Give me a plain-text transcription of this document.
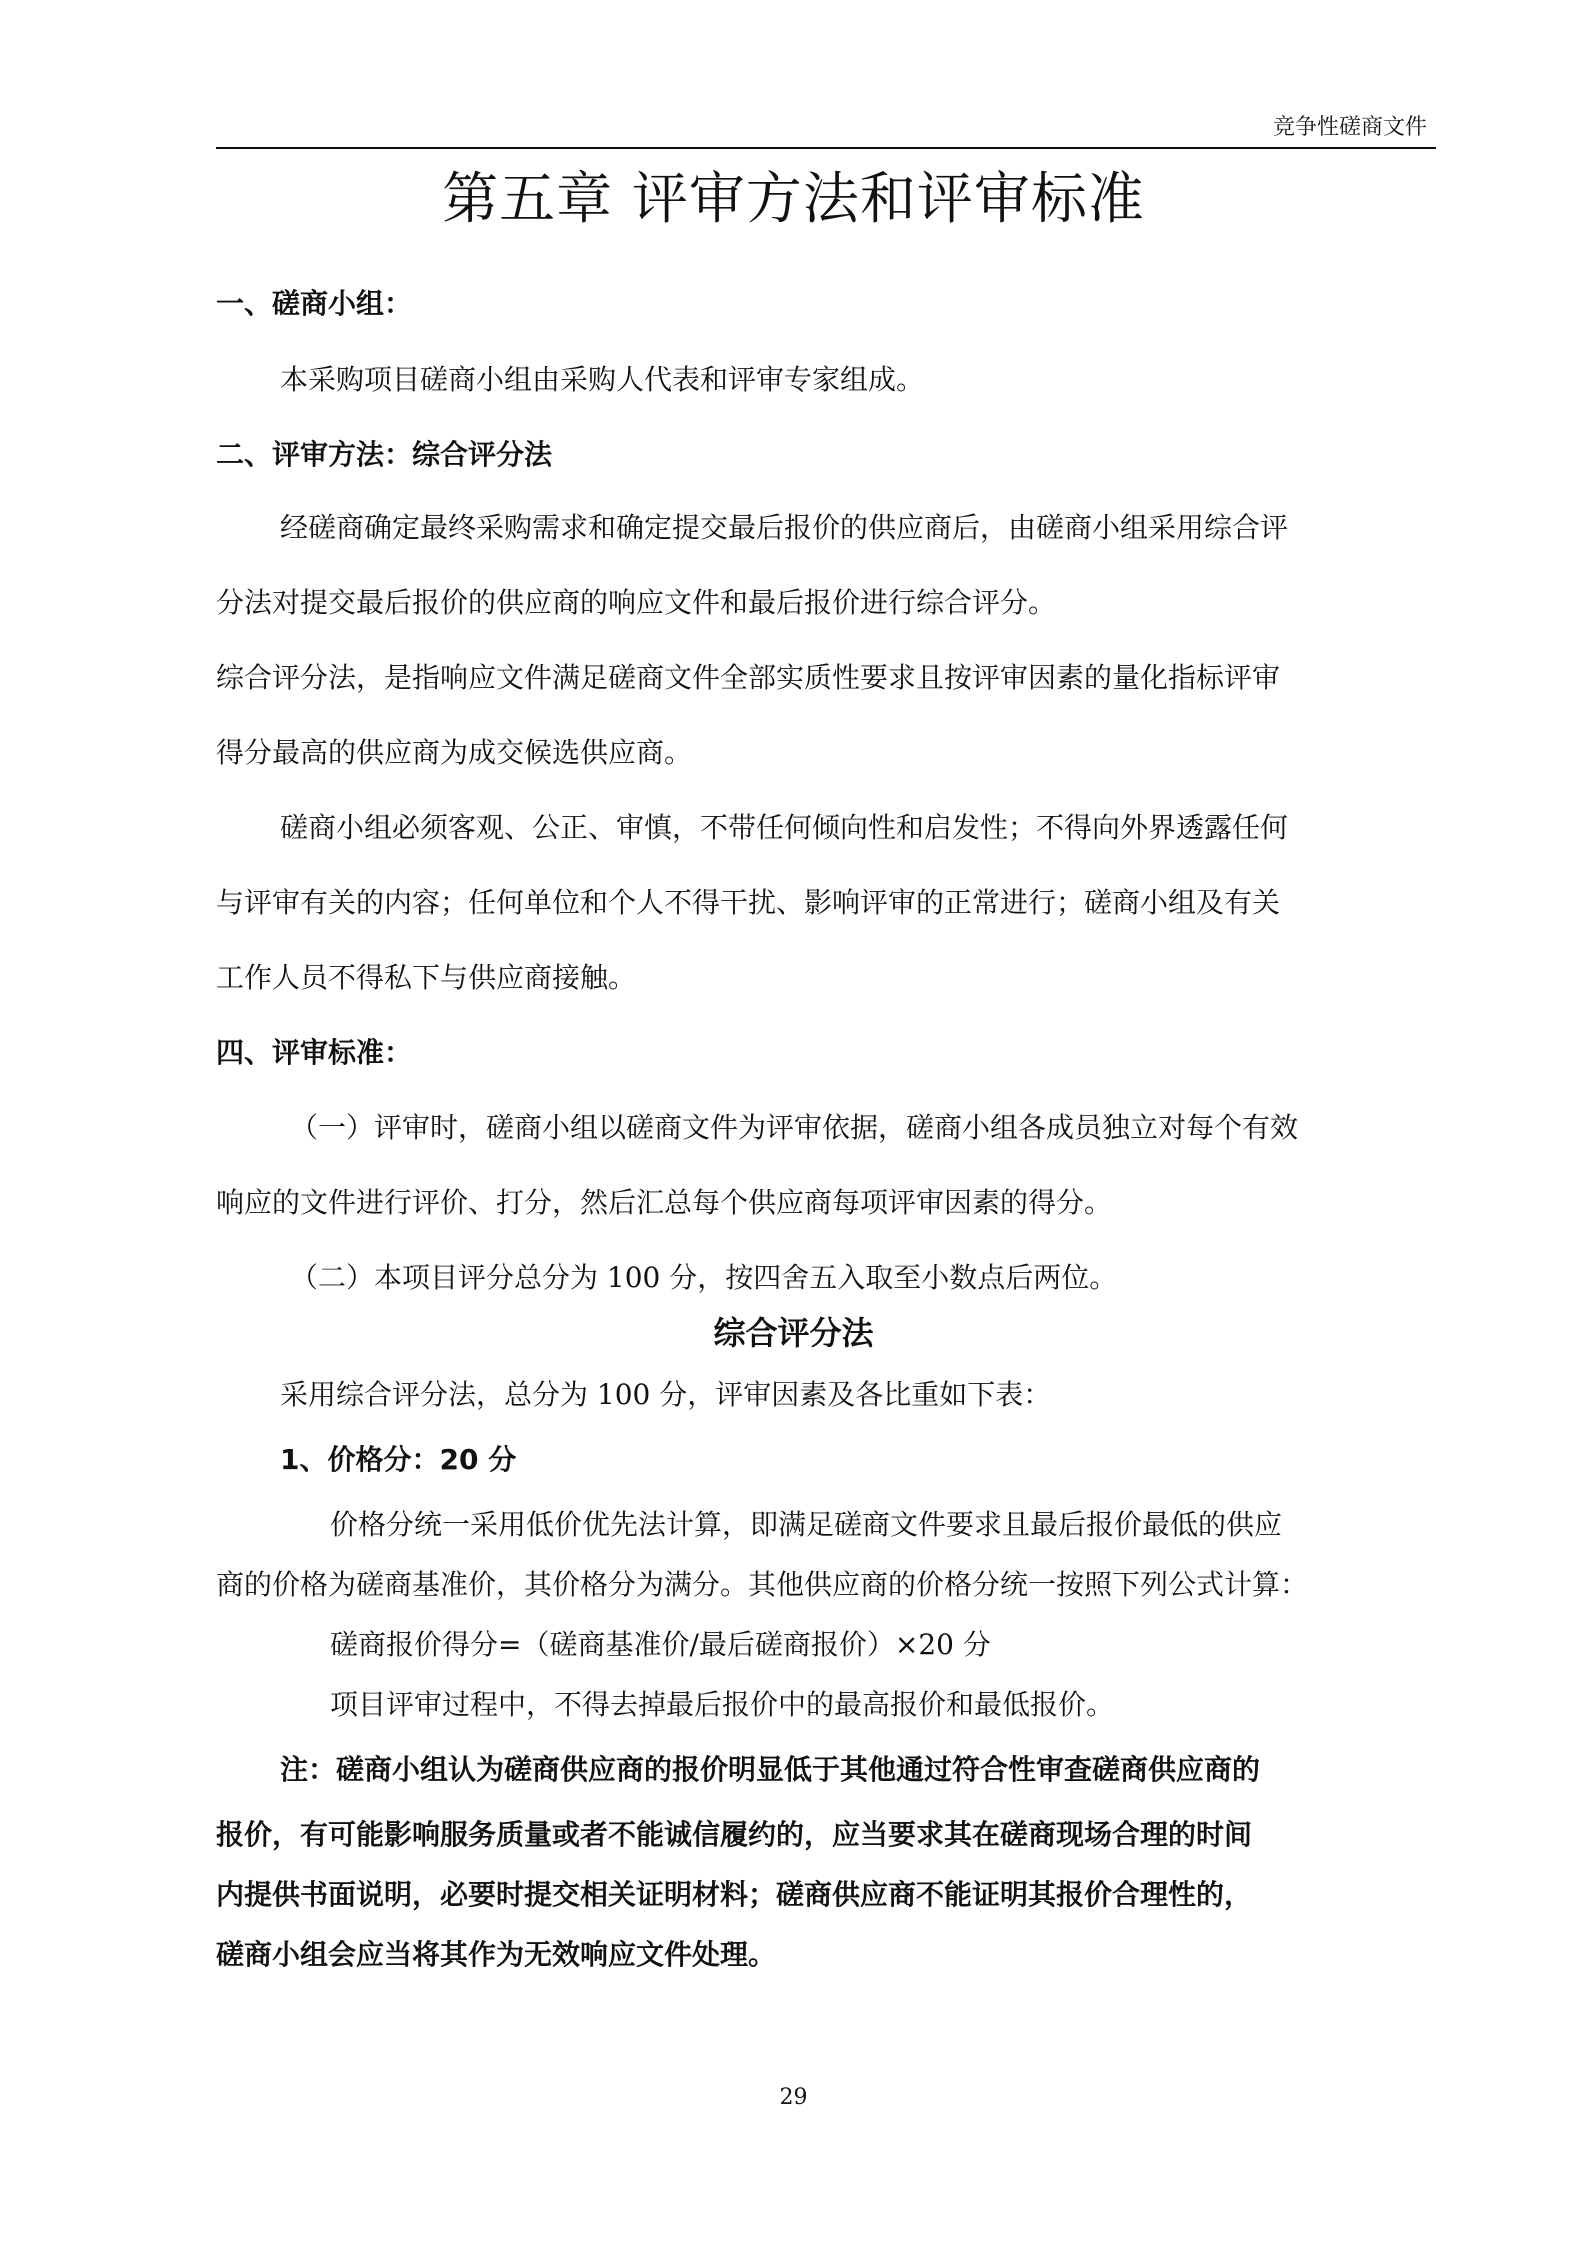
竞争性磋商文件
第五章 评审方法和评审标准
一、磋商小组：
本采购项目磋商小组由采购人代表和评审专家组成。
二、评审方法：综合评分法
经磋商确定最终采购需求和确定提交最后报价的供应商后，由磋商小组采用综合评
分法对提交最后报价的供应商的响应文件和最后报价进行综合评分。
综合评分法，是指响应文件满足磋商文件全部实质性要求且按评审因素的量化指标评审
得分最高的供应商为成交候选供应商。
磋商小组必须客观、公正、审慎，不带任何倾向性和启发性；不得向外界透露任何
与评审有关的内容；任何单位和个人不得干扰、影响评审的正常进行；磋商小组及有关
工作人员不得私下与供应商接触。
四、评审标准：
（一）评审时，磋商小组以磋商文件为评审依据，磋商小组各成员独立对每个有效
响应的文件进行评价、打分，然后汇总每个供应商每项评审因素的得分。
（二）本项目评分总分为 100 分，按四舍五入取至小数点后两位。
综合评分法
采用综合评分法，总分为 100 分，评审因素及各比重如下表：
1、价格分：20 分
价格分统一采用低价优先法计算，即满足磋商文件要求且最后报价最低的供应
商的价格为磋商基准价，其价格分为满分。其他供应商的价格分统一按照下列公式计算：
磋商报价得分=（磋商基准价/最后磋商报价）×20 分
项目评审过程中，不得去掉最后报价中的最高报价和最低报价。
注：磋商小组认为磋商供应商的报价明显低于其他通过符合性审查磋商供应商的
报价，有可能影响服务质量或者不能诚信履约的，应当要求其在磋商现场合理的时间
内提供书面说明，必要时提交相关证明材料；磋商供应商不能证明其报价合理性的，
磋商小组会应当将其作为无效响应文件处理。
29
